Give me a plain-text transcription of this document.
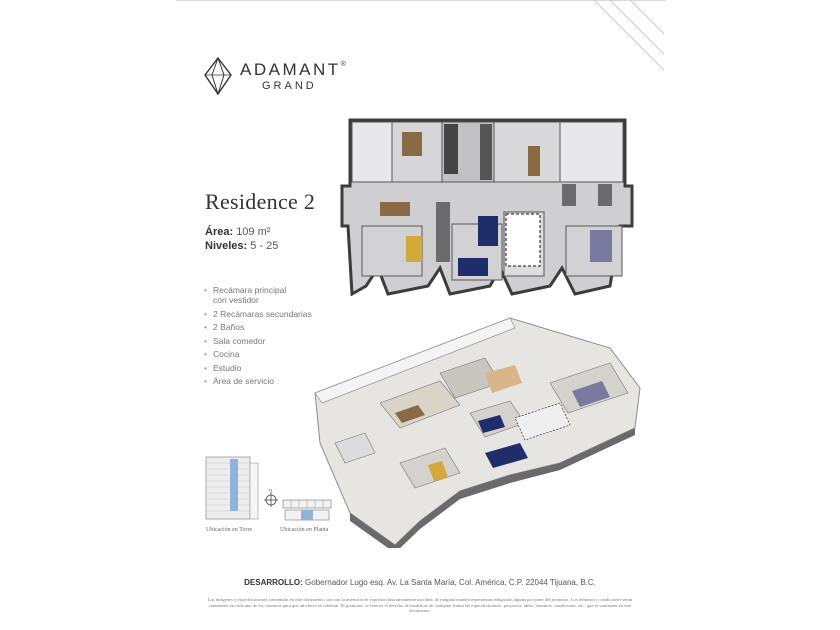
ADAMANT®
GRAND
Residence 2
Área: 109 m²
Niveles: 5 - 25
• Recámara principal con vestidor
• 2 Recámaras secundarias
• 2 Baños
• Sala comedor
• Cocina
• Estudio
• Área de servicio
N
Ubicación en Torre	Ubicación en Planta
DESARROLLO: Gobernador Lugo esq. Av. La Santa María, Col. América, C.P. 22044 Tijuana, B.C.
Las imágenes y especificaciones contenidas en este documento, son con la intención de expresar ilustrativamente una idea, de ninguna manera representan obligación alguna por parte del promotor. Los términos y condiciones serán contenidos en cada uno de los contratos para que tal efecto se celebren. El promotor, se reserva el derecho de modificar de cualquier forma las especificaciones, proyectos, ideas, términos, condiciones, etc., que se contienen en este documento.
